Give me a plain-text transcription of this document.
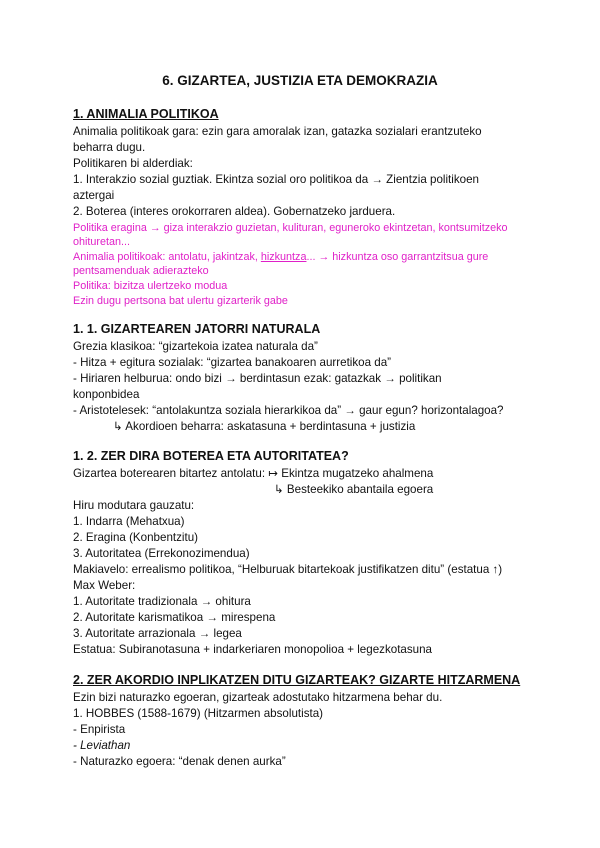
6. GIZARTEA, JUSTIZIA ETA DEMOKRAZIA
1. ANIMALIA POLITIKOA

Animalia politikoak gara: ezin gara amoralak izan, gatazka sozialari erantzuteko

beharra dugu.

Politikaren bi alderdiak:

1. Interakzio sozial guztiak. Ekintza sozial oro politikoa da → Zientzia politikoen

aztergai

2. Boterea (interes orokorraren aldea). Gobernatzeko jarduera.

Politika eragina → giza interakzio guzietan, kulituran, eguneroko ekintzetan, kontsumitzeko

ohituretan...

Animalia politikoak: antolatu, jakintzak, hizkuntza... → hizkuntza oso garrantzitsua gure

pentsamenduak adierazteko

Politika: bizitza ulertzeko modua

Ezin dugu pertsona bat ulertu gizarterik gabe

1. 1. GIZARTEAREN JATORRI NATURALA

Grezia klasikoa: “gizartekoia izatea naturala da”

- Hitza + egitura sozialak: “gizartea banakoaren aurretikoa da”

- Hiriaren helburua: ondo bizi → berdintasun ezak: gatazkak → politikan

konponbidea

- Aristotelesek: “antolakuntza soziala hierarkikoa da” → gaur egun? horizontalagoa?

↳ Akordioen beharra: askatasuna + berdintasuna + justizia

1. 2. ZER DIRA BOTEREA ETA AUTORITATEA?

Gizartea boterearen bitartez antolatu: ↦ Ekintza mugatzeko ahalmena

↳ Besteekiko abantaila egoera

Hiru modutara gauzatu:

1. Indarra (Mehatxua)

2. Eragina (Konbentzitu)

3. Autoritatea (Errekonozimendua)

Makiavelo: errealismo politikoa, “Helburuak bitartekoak justifikatzen ditu” (estatua ↑)

Max Weber:

1. Autoritate tradizionala → ohitura

2. Autoritate karismatikoa → mirespena

3. Autoritate arrazionala → legea

Estatua: Subiranotasuna + indarkeriaren monopolioa + legezkotasuna

2. ZER AKORDIO INPLIKATZEN DITU GIZARTEAK? GIZARTE HITZARMENA

Ezin bizi naturazko egoeran, gizarteak adostutako hitzarmena behar du.

1. HOBBES (1588-1679) (Hitzarmen absolutista)

- Enpirista

- Leviathan

- Naturazko egoera: “denak denen aurka”
